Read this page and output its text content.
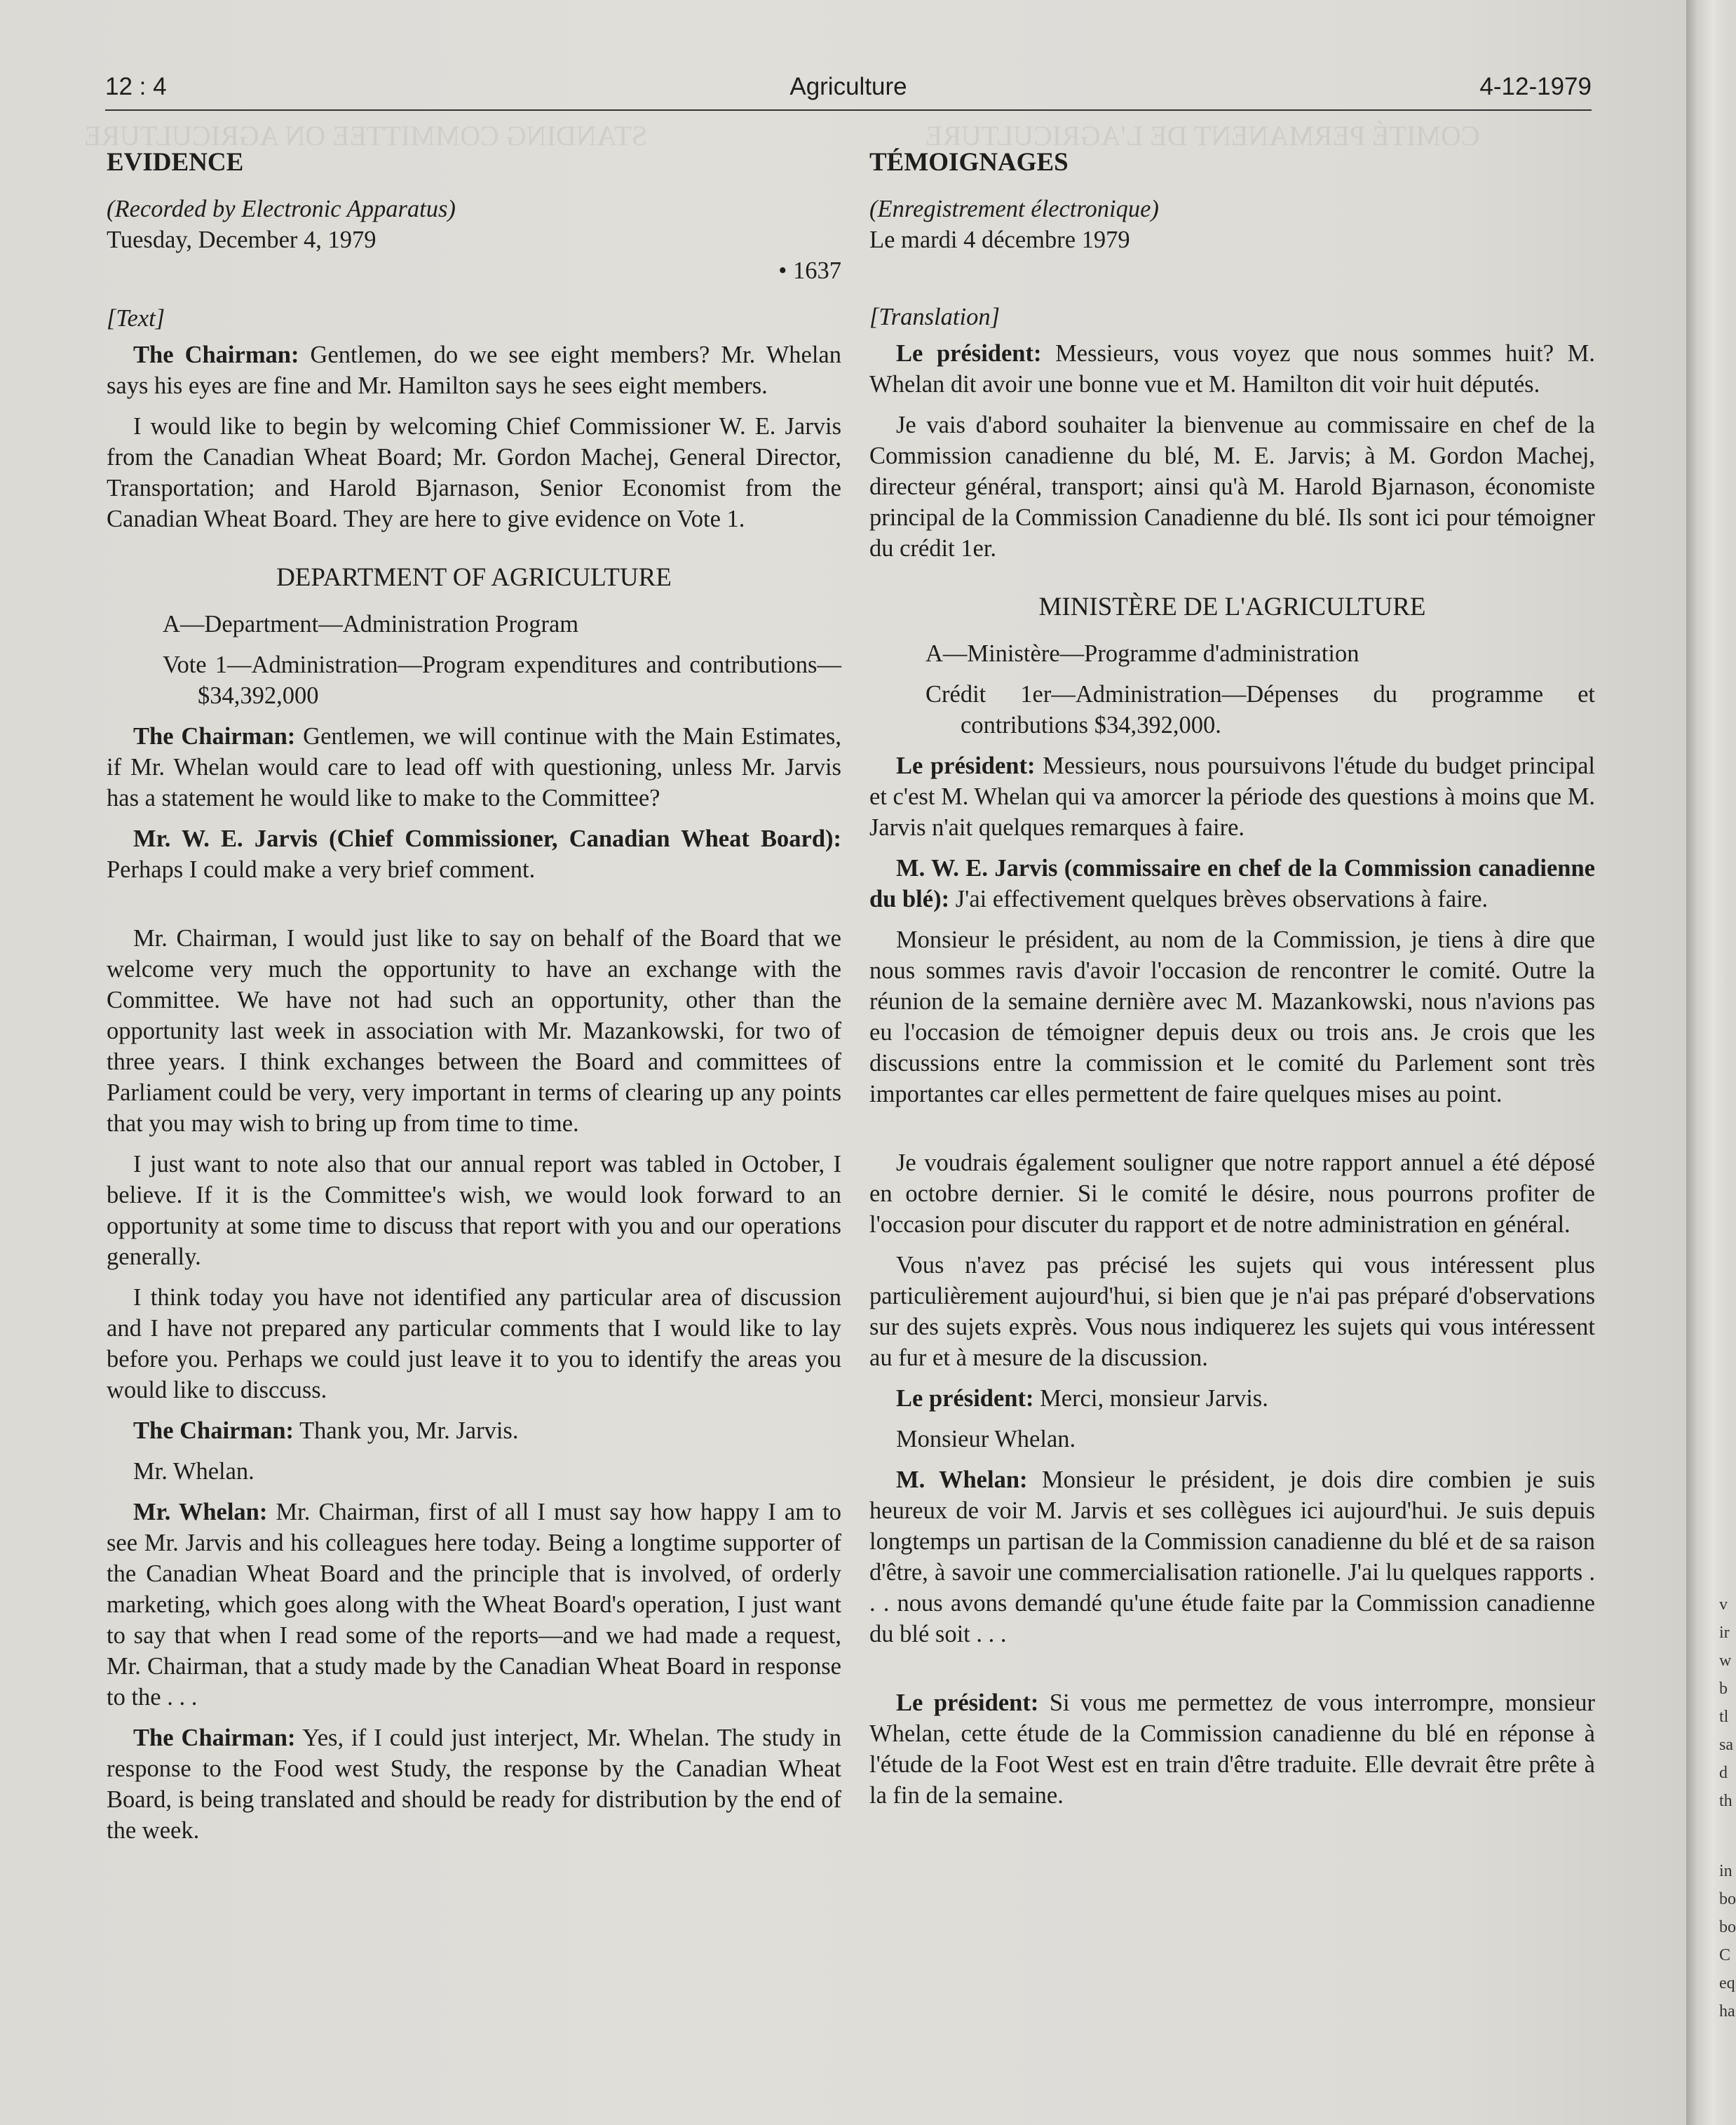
STANDING COMMITTEE ON AGRICULTURE	COMITÉ PERMANENT DE L'AGRICULTURE
12 : 4	Agriculture	4-12-1979
EVIDENCE

(Recorded by Electronic Apparatus)

Tuesday, December 4, 1979

• 1637

[Text]

The Chairman: Gentlemen, do we see eight members? Mr. Whelan says his eyes are fine and Mr. Hamilton says he sees eight members.

I would like to begin by welcoming Chief Commissioner W. E. Jarvis from the Canadian Wheat Board; Mr. Gordon Machej, General Director, Transportation; and Harold Bjarnason, Senior Economist from the Canadian Wheat Board. They are here to give evidence on Vote 1.

DEPARTMENT OF AGRICULTURE

A—Department—Administration Program

Vote 1—Administration—Program expenditures and contributions—$34,392,000

The Chairman: Gentlemen, we will continue with the Main Estimates, if Mr. Whelan would care to lead off with questioning, unless Mr. Jarvis has a statement he would like to make to the Committee?

Mr. W. E. Jarvis (Chief Commissioner, Canadian Wheat Board): Perhaps I could make a very brief comment.

Mr. Chairman, I would just like to say on behalf of the Board that we welcome very much the opportunity to have an exchange with the Committee. We have not had such an opportunity, other than the opportunity last week in association with Mr. Mazankowski, for two of three years. I think exchanges between the Board and committees of Parliament could be very, very important in terms of clearing up any points that you may wish to bring up from time to time.

I just want to note also that our annual report was tabled in October, I believe. If it is the Committee's wish, we would look forward to an opportunity at some time to discuss that report with you and our operations generally.

I think today you have not identified any particular area of discussion and I have not prepared any particular comments that I would like to lay before you. Perhaps we could just leave it to you to identify the areas you would like to disccuss.

The Chairman: Thank you, Mr. Jarvis.

Mr. Whelan.

Mr. Whelan: Mr. Chairman, first of all I must say how happy I am to see Mr. Jarvis and his colleagues here today. Being a longtime supporter of the Canadian Wheat Board and the principle that is involved, of orderly marketing, which goes along with the Wheat Board's operation, I just want to say that when I read some of the reports—and we had made a request, Mr. Chairman, that a study made by the Canadian Wheat Board in response to the . . .

The Chairman: Yes, if I could just interject, Mr. Whelan. The study in response to the Food west Study, the response by the Canadian Wheat Board, is being translated and should be ready for distribution by the end of the week.

TÉMOIGNAGES

(Enregistrement électronique)

Le mardi 4 décembre 1979

[Translation]

Le président: Messieurs, vous voyez que nous sommes huit? M. Whelan dit avoir une bonne vue et M. Hamilton dit voir huit députés.

Je vais d'abord souhaiter la bienvenue au commissaire en chef de la Commission canadienne du blé, M. E. Jarvis; à M. Gordon Machej, directeur général, transport; ainsi qu'à M. Harold Bjarnason, économiste principal de la Commission Canadienne du blé. Ils sont ici pour témoigner du crédit 1er.

MINISTÈRE DE L'AGRICULTURE

A—Ministère—Programme d'administration

Crédit 1er—Administration—Dépenses du programme et contributions $34,392,000.

Le président: Messieurs, nous poursuivons l'étude du budget principal et c'est M. Whelan qui va amorcer la période des questions à moins que M. Jarvis n'ait quelques remarques à faire.

M. W. E. Jarvis (commissaire en chef de la Commission canadienne du blé): J'ai effectivement quelques brèves observations à faire.

Monsieur le président, au nom de la Commission, je tiens à dire que nous sommes ravis d'avoir l'occasion de rencontrer le comité. Outre la réunion de la semaine dernière avec M. Mazankowski, nous n'avions pas eu l'occasion de témoigner depuis deux ou trois ans. Je crois que les discussions entre la commission et le comité du Parlement sont très importantes car elles permettent de faire quelques mises au point.

Je voudrais également souligner que notre rapport annuel a été déposé en octobre dernier. Si le comité le désire, nous pourrons profiter de l'occasion pour discuter du rapport et de notre administration en général.

Vous n'avez pas précisé les sujets qui vous intéressent plus particulièrement aujourd'hui, si bien que je n'ai pas préparé d'observations sur des sujets exprès. Vous nous indiquerez les sujets qui vous intéressent au fur et à mesure de la discussion.

Le président: Merci, monsieur Jarvis.

Monsieur Whelan.

M. Whelan: Monsieur le président, je dois dire combien je suis heureux de voir M. Jarvis et ses collègues ici aujourd'hui. Je suis depuis longtemps un partisan de la Commission canadienne du blé et de sa raison d'être, à savoir une commercialisation rationelle. J'ai lu quelques rapports . . . nous avons demandé qu'une étude faite par la Commission canadienne du blé soit . . .

Le président: Si vous me permettez de vous interrompre, monsieur Whelan, cette étude de la Commission canadienne du blé en réponse à l'étude de la Foot West est en train d'être traduite. Elle devrait être prête à la fin de la semaine.

v
ir
w
b
tl
sa
d
th
in
bo
bo
C
eq
ha
